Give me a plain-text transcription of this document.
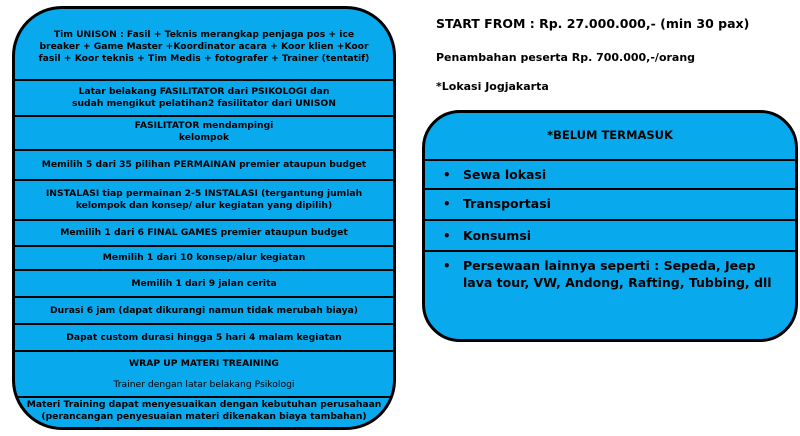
Tim UNISON : Fasil + Teknis merangkap penjaga pos + ice
breaker + Game Master +Koordinator acara + Koor klien +Koor
fasil + Koor teknis + Tim Medis + fotografer + Trainer (tentatif)
Latar belakang FASILITATOR dari PSIKOLOGI dan
sudah mengikut pelatihan2 fasilitator dari UNISON
FASILITATOR mendampingi
kelompok
Memilih 5 dari 35 pilihan PERMAINAN premier ataupun budget
INSTALASI tiap permainan 2-5 INSTALASI (tergantung jumlah
kelompok dan konsep/ alur kegiatan yang dipilih)
Memilih 1 dari 6 FINAL GAMES premier ataupun budget
Memilih 1 dari 10 konsep/alur kegiatan
Memilih 1 dari 9 jalan cerita
Durasi 6 jam (dapat dikurangi namun tidak merubah biaya)
Dapat custom durasi hingga 5 hari 4 malam kegiatan
WRAP UP MATERI TREAINING
Trainer dengan latar belakang Psikologi
Materi Training dapat menyesuaikan dengan kebutuhan perusahaan
(perancangan penyesuaian materi dikenakan biaya tambahan)
START FROM : Rp. 27.000.000,- (min 30 pax)
Penambahan peserta Rp. 700.000,-/orang
*Lokasi Jogjakarta
*BELUM TERMASUK
• Sewa lokasi
• Transportasi
• Konsumsi
• Persewaan lainnya seperti : Sepeda, Jeep
lava tour, VW, Andong, Rafting, Tubbing, dll
